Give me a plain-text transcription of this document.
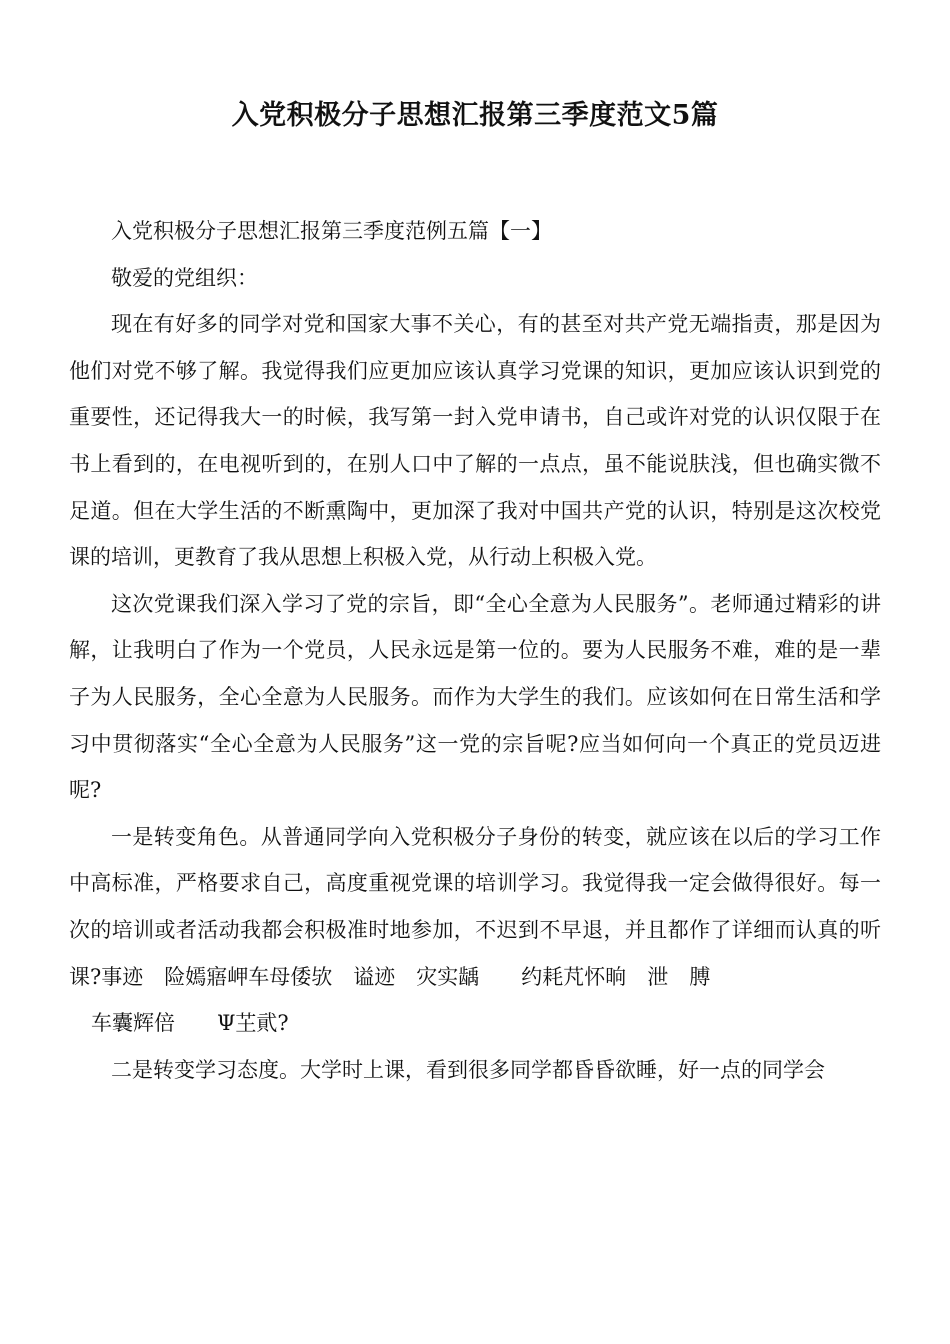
入党积极分子思想汇报第三季度范文5篇

入党积极分子思想汇报第三季度范例五篇【一】

敬爱的党组织：

现在有好多的同学对党和国家大事不关心，有的甚至对共产党无端指责，那是因为他们对党不够了解。我觉得我们应更加应该认真学习党课的知识，更加应该认识到党的重要性，还记得我大一的时候，我写第一封入党申请书，自己或许对党的认识仅限于在书上看到的，在电视听到的，在别人口中了解的一点点，虽不能说肤浅，但也确实微不足道。但在大学生活的不断熏陶中，更加深了我对中国共产党的认识，特别是这次校党课的培训，更教育了我从思想上积极入党，从行动上积极入党。

这次党课我们深入学习了党的宗旨，即“全心全意为人民服务”。老师通过精彩的讲解，让我明白了作为一个党员，人民永远是第一位的。要为人民服务不难，难的是一辈子为人民服务，全心全意为人民服务。而作为大学生的我们。应该如何在日常生活和学习中贯彻落实“全心全意为人民服务”这一党的宗旨呢?应当如何向一个真正的党员迈进呢?

一是转变角色。从普通同学向入党积极分子身份的转变，就应该在以后的学习工作中高标准，严格要求自己，高度重视党课的培训学习。我觉得我一定会做得很好。每一次的培训或者活动我都会积极准时地参加，不迟到不早退，并且都作了详细而认真的听课?事迹　险嫣寤岬车母倭欤　谥迹　灾实龋　　约耗芃怀晌　泄　膊

车囊辉倍　　Ψ芏貮?

二是转变学习态度。大学时上课，看到很多同学都昏昏欲睡，好一点的同学会
